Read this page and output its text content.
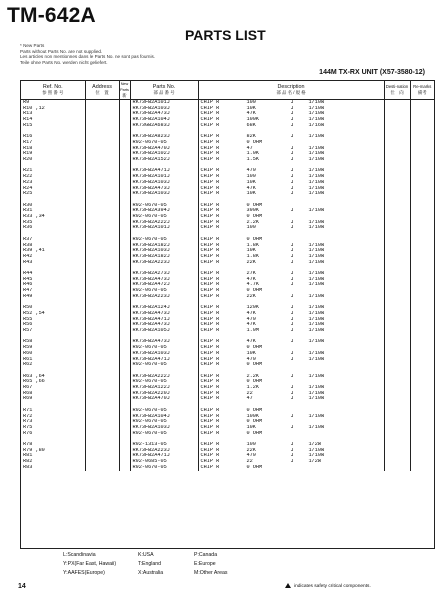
TM-642A
PARTS LIST
* New Parts
Parts without Parts No. are not supplied.
Les articles non mentionnes dans le Parts No. ne sont pas fournis.
Teile ohne Parts No. werden nicht geliefert.
144M TX-RX UNIT (X57-3580-12)
Ref. No.
参 照 番 号	Address
位　置	New Parts
新	Parts No.
部 品 番 号	Description
部 品 名 / 規 格	Desti-nation
仕　向	Re-marks
備考

R9			RK73FB2A101J	CHIP R 100 J 1/10W		
R10 ,12			RK73FB2A103J	CHIP R 10K J 1/10W		
R13			RK73FB2A473J	CHIP R 47K J 1/10W		
R14			RK73FB2A104J	CHIP R 100K J 1/10W		
R15			RK73GB2A683J	CHIP R 68K J 1/16W		

R16			RK73FB2A823J	CHIP R 82K J 1/10W		
R17			R92-0670-05	CHIP R 0 OHM		
R18			RK73FB2A470J	CHIP R 47 J 1/10W		
R19			RK73FB2A102J	CHIP R 1.0K J 1/10W		
R20			RK73FB2A152J	CHIP R 1.5K J 1/10W		

R21			RK73FB2A471J	CHIP R 470 J 1/10W		
R22			RK73FB2A101J	CHIP R 100 J 1/10W		
R23			RK73FB2A103J	CHIP R 10K J 1/10W		
R24			RK73FB2A473J	CHIP R 47K J 1/10W		
R25			RK73FB2A103J	CHIP R 10K J 1/10W		

R30			R92-0670-05	CHIP R 0 OHM		
R31			RK73FB2A394J	CHIP R 390K J 1/10W		
R33 ,34			R92-0670-05	CHIP R 0 OHM		
R35			RK73FB2A222J	CHIP R 2.2K J 1/10W		
R36			RK73FB2A101J	CHIP R 100 J 1/10W		

R37			R92-0670-05	CHIP R 0 OHM		
R38			RK73FB2A182J	CHIP R 1.8K J 1/10W		
R39 ,41			RK73FB2A103J	CHIP R 10K J 1/10W		
R42			RK73FB2A182J	CHIP R 1.8K J 1/10W		
R43			RK73FB2A223J	CHIP R 22K J 1/10W		

R44			RK73FB2A273J	CHIP R 27K J 1/10W		
R45			RK73FB2A473J	CHIP R 47K J 1/10W		
R46			RK73FB2A472J	CHIP R 4.7K J 1/10W		
R47			R92-0670-05	CHIP R 0 OHM		
R49			RK73FB2A223J	CHIP R 22K J 1/10W		

R50			RK73FB2A124J	CHIP R 120K J 1/10W		
R52 ,54			RK73FB2A473J	CHIP R 47K J 1/10W		
R55			RK73FB2A471J	CHIP R 470 J 1/10W		
R56			RK73FB2A473J	CHIP R 47K J 1/10W		
R57			RK73FB2A105J	CHIP R 1.0M J 1/10W		

R58			RK73FB2A473J	CHIP R 47K J 1/10W		
R59			R92-0670-05	CHIP R 0 OHM		
R60			RK73FB2A103J	CHIP R 10K J 1/10W		
R61			RK73FB2A471J	CHIP R 470 J 1/10W		
R62			R92-0670-05	CHIP R 0 OHM		

R63 ,64			RK73FB2A222J	CHIP R 2.2K J 1/10W		
R65 ,66			R92-0670-05	CHIP R 0 OHM		
R67			RK73FB2A122J	CHIP R 1.2K J 1/10W		
R68			RK73FB2A220J	CHIP R 22 J 1/10W		
R69			RK73FB2A470J	CHIP R 47 J 1/10W		

R71			R92-0670-05	CHIP R 0 OHM		
R72			RK73FB2A104J	CHIP R 100K J 1/10W		
R73			R92-0670-05	CHIP R 0 OHM		
R75			RK73FB2A103J	CHIP R 10K J 1/10W		
R76			R92-0670-05	CHIP R 0 OHM		

R78			R92-1313-05	CHIP R 100 J 1/2W		
R79 ,80			RK73FB2A223J	CHIP R 22K J 1/10W		
R81			RK73FB2A471J	CHIP R 470 J 1/10W		
R82			R92-0685-05	CHIP R 22 J 1/2W		
R83			R92-0670-05	CHIP R 0 OHM		
L:Scandinavia	K:USA	P:Canada
Y:PX(Far East, Hawaii)	T:England	E:Europe
Y:AAFES(Europe)	X:Australia	M:Other Areas
14	indicates safety critical components.
